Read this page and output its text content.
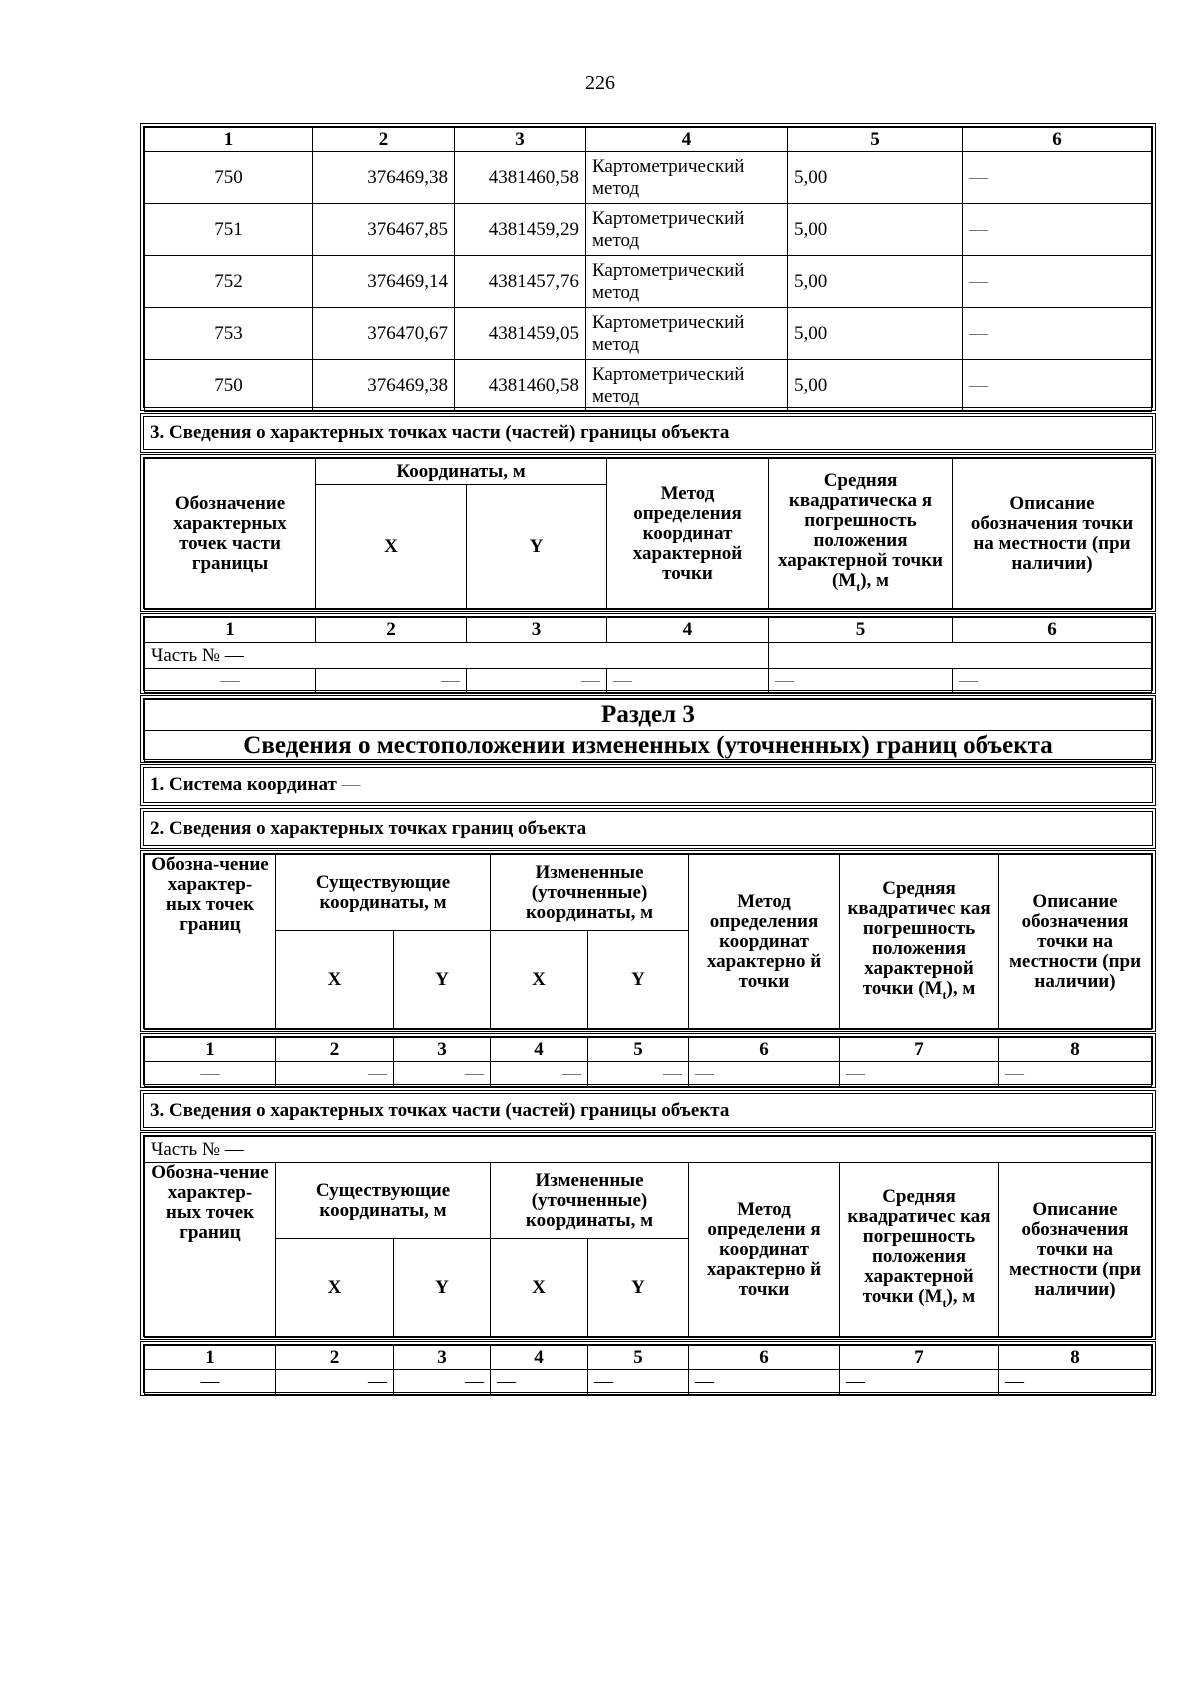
226
1	2	3	4	5	6
750	376469,38	4381460,58	Картометрический метод	5,00	—
751	376467,85	4381459,29	Картометрический метод	5,00	—
752	376469,14	4381457,76	Картометрический метод	5,00	—
753	376470,67	4381459,05	Картометрический метод	5,00	—
750	376469,38	4381460,58	Картометрический метод	5,00	—
3. Сведения о характерных точках части (частей) границы объекта
Обозначение характерных точек части границы	Координаты, м		Метод определения координат характерной точки	Средняя квадратическа я погрешность положения характерной точки $(M_t)$, м	Описание обозначения точки на местности (при наличии)
	X	Y			
1	2	3	4	5	6
Часть № —					
—	—	—	—	—	—
Раздел 3
Сведения о местоположении измененных (уточненных) границ объекта
1. Система координат —
2. Сведения о характерных точках границ объекта
Обозна-чение характер-ных точек границ	Существующие координаты, м		Измененные (уточненные) координаты, м		Метод определения координат характерно й точки	Средняя квадратичес кая погрешность положения характерной точки $(M_t)$, м	Описание обозначения точки на местности (при наличии)
	X	Y	X	Y			
1	2	3	4	5	6	7	8
—	—	—	—	—	—	—	—
3. Сведения о характерных точках части (частей) границы объекта
Часть № —							
Обозна-чение характер-ных точек границ	Существующие координаты, м		Измененные (уточненные) координаты, м		Метод определени я координат характерно й точки	Средняя квадратичес кая погрешность положения характерной точки $(M_t)$, м	Описание обозначения точки на местности (при наличии)
	X	Y	X	Y			
1	2	3	4	5	6	7	8
—	—	—	—	—	—	—	—
